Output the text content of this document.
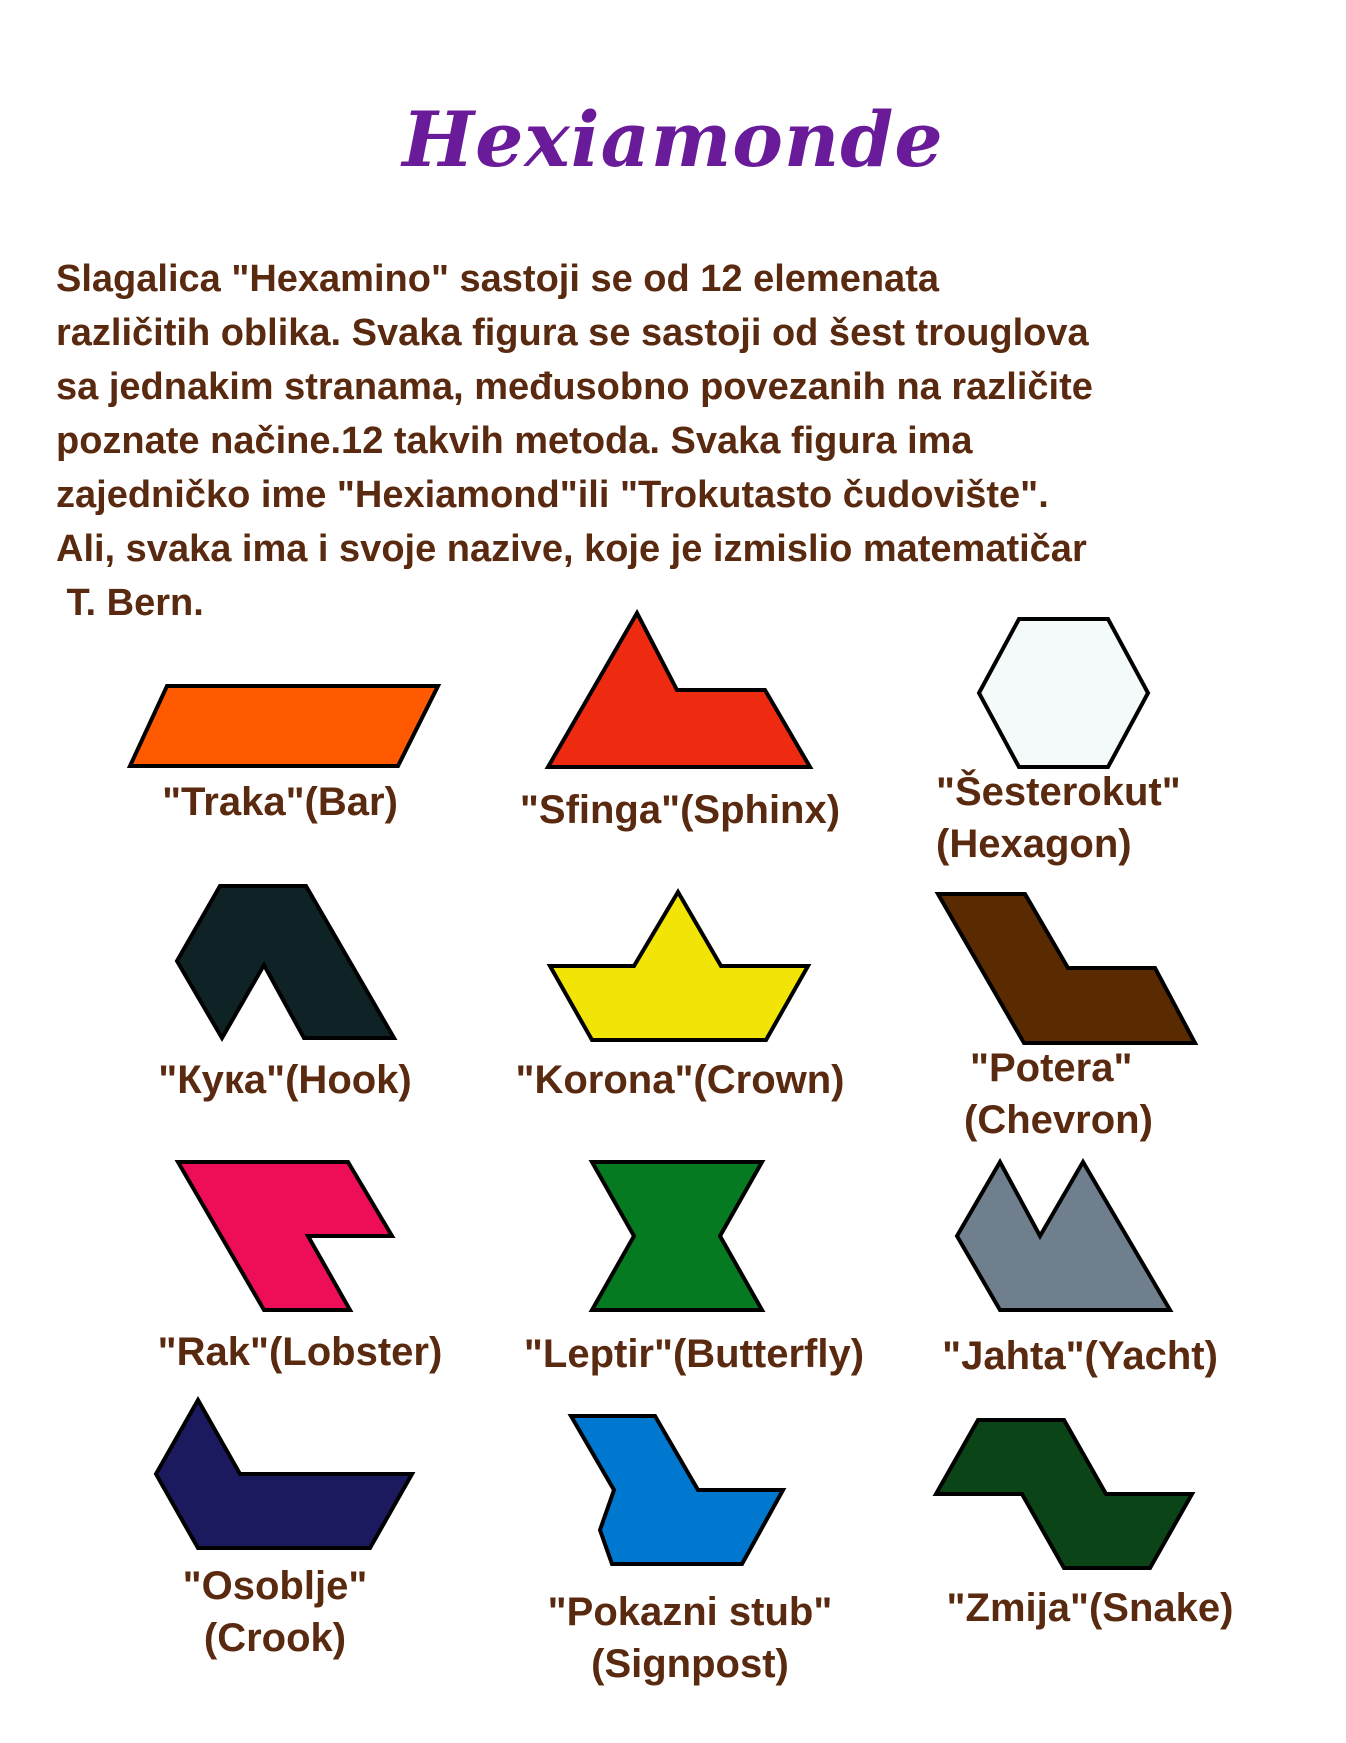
Hexiamonde
Slagalica "Hexamino" sastoji se od 12 elemenata
različitih oblika. Svaka figura se sastoji od šest trouglova
sa jednakim stranama, međusobno povezanih na različite
poznate načine.12 takvih metoda. Svaka figura ima
zajedničko ime "Hexiamond"ili "Trokutasto čudovište".
Ali, svaka ima i svoje nazive, koje je izmislio matematičar
T. Bern.
"Traka"(Bar)	"Sfinga"(Sphinx)	"Šesterokut"
(Hexagon)
"Кука"(Hook)	"Korona"(Crown)	"Potera"
(Chevron)
"Rak"(Lobster)	"Leptir"(Butterfly)	"Jahta"(Yacht)
"Osoblje"
(Crook)
"Pokazni stub"
(Signpost)
"Zmija"(Snake)
